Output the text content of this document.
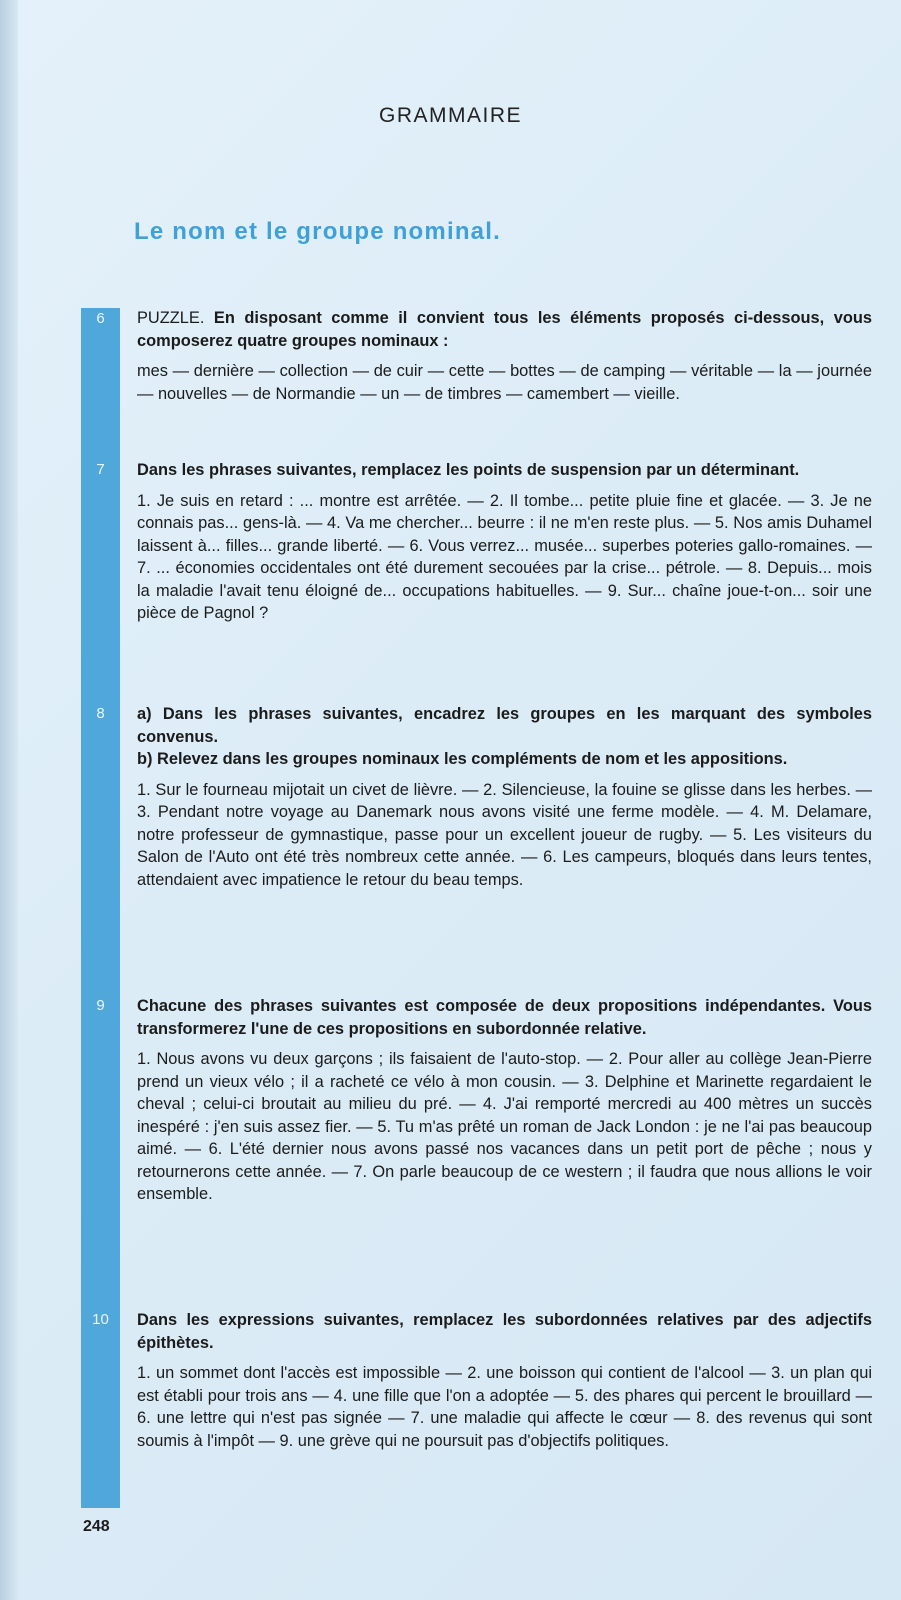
GRAMMAIRE
Le nom et le groupe nominal.
6
7
8
9
10
PUZZLE. En disposant comme il convient tous les éléments proposés ci-dessous, vous composerez quatre groupes nominaux :
mes — dernière — collection — de cuir — cette — bottes — de camping — véritable — la — journée — nouvelles — de Normandie — un — de timbres — camembert — vieille.
Dans les phrases suivantes, remplacez les points de suspension par un déterminant.
1. Je suis en retard : ... montre est arrêtée. — 2. Il tombe... petite pluie fine et glacée. — 3. Je ne connais pas... gens-là. — 4. Va me chercher... beurre : il ne m'en reste plus. — 5. Nos amis Duhamel laissent à... filles... grande liberté. — 6. Vous verrez... musée... superbes poteries gallo-romaines. — 7. ... économies occidentales ont été durement secouées par la crise... pétrole. — 8. Depuis... mois la maladie l'avait tenu éloigné de... occupations habituelles. — 9. Sur... chaîne joue-t-on... soir une pièce de Pagnol ?
a) Dans les phrases suivantes, encadrez les groupes en les marquant des symboles convenus.
b) Relevez dans les groupes nominaux les compléments de nom et les appositions.
1. Sur le fourneau mijotait un civet de lièvre. — 2. Silencieuse, la fouine se glisse dans les herbes. — 3. Pendant notre voyage au Danemark nous avons visité une ferme modèle. — 4. M. Delamare, notre professeur de gymnastique, passe pour un excellent joueur de rugby. — 5. Les visiteurs du Salon de l'Auto ont été très nombreux cette année. — 6. Les campeurs, bloqués dans leurs tentes, attendaient avec impatience le retour du beau temps.
Chacune des phrases suivantes est composée de deux propositions indépendantes. Vous transformerez l'une de ces propositions en subordonnée relative.
1. Nous avons vu deux garçons ; ils faisaient de l'auto-stop. — 2. Pour aller au collège Jean-Pierre prend un vieux vélo ; il a racheté ce vélo à mon cousin. — 3. Delphine et Marinette regardaient le cheval ; celui-ci broutait au milieu du pré. — 4. J'ai remporté mercredi au 400 mètres un succès inespéré : j'en suis assez fier. — 5. Tu m'as prêté un roman de Jack London : je ne l'ai pas beaucoup aimé. — 6. L'été dernier nous avons passé nos vacances dans un petit port de pêche ; nous y retournerons cette année. — 7. On parle beaucoup de ce western ; il faudra que nous allions le voir ensemble.
Dans les expressions suivantes, remplacez les subordonnées relatives par des adjectifs épithètes.
1. un sommet dont l'accès est impossible — 2. une boisson qui contient de l'alcool — 3. un plan qui est établi pour trois ans — 4. une fille que l'on a adoptée — 5. des phares qui percent le brouillard — 6. une lettre qui n'est pas signée — 7. une maladie qui affecte le cœur — 8. des revenus qui sont soumis à l'impôt — 9. une grève qui ne poursuit pas d'objectifs politiques.
248
